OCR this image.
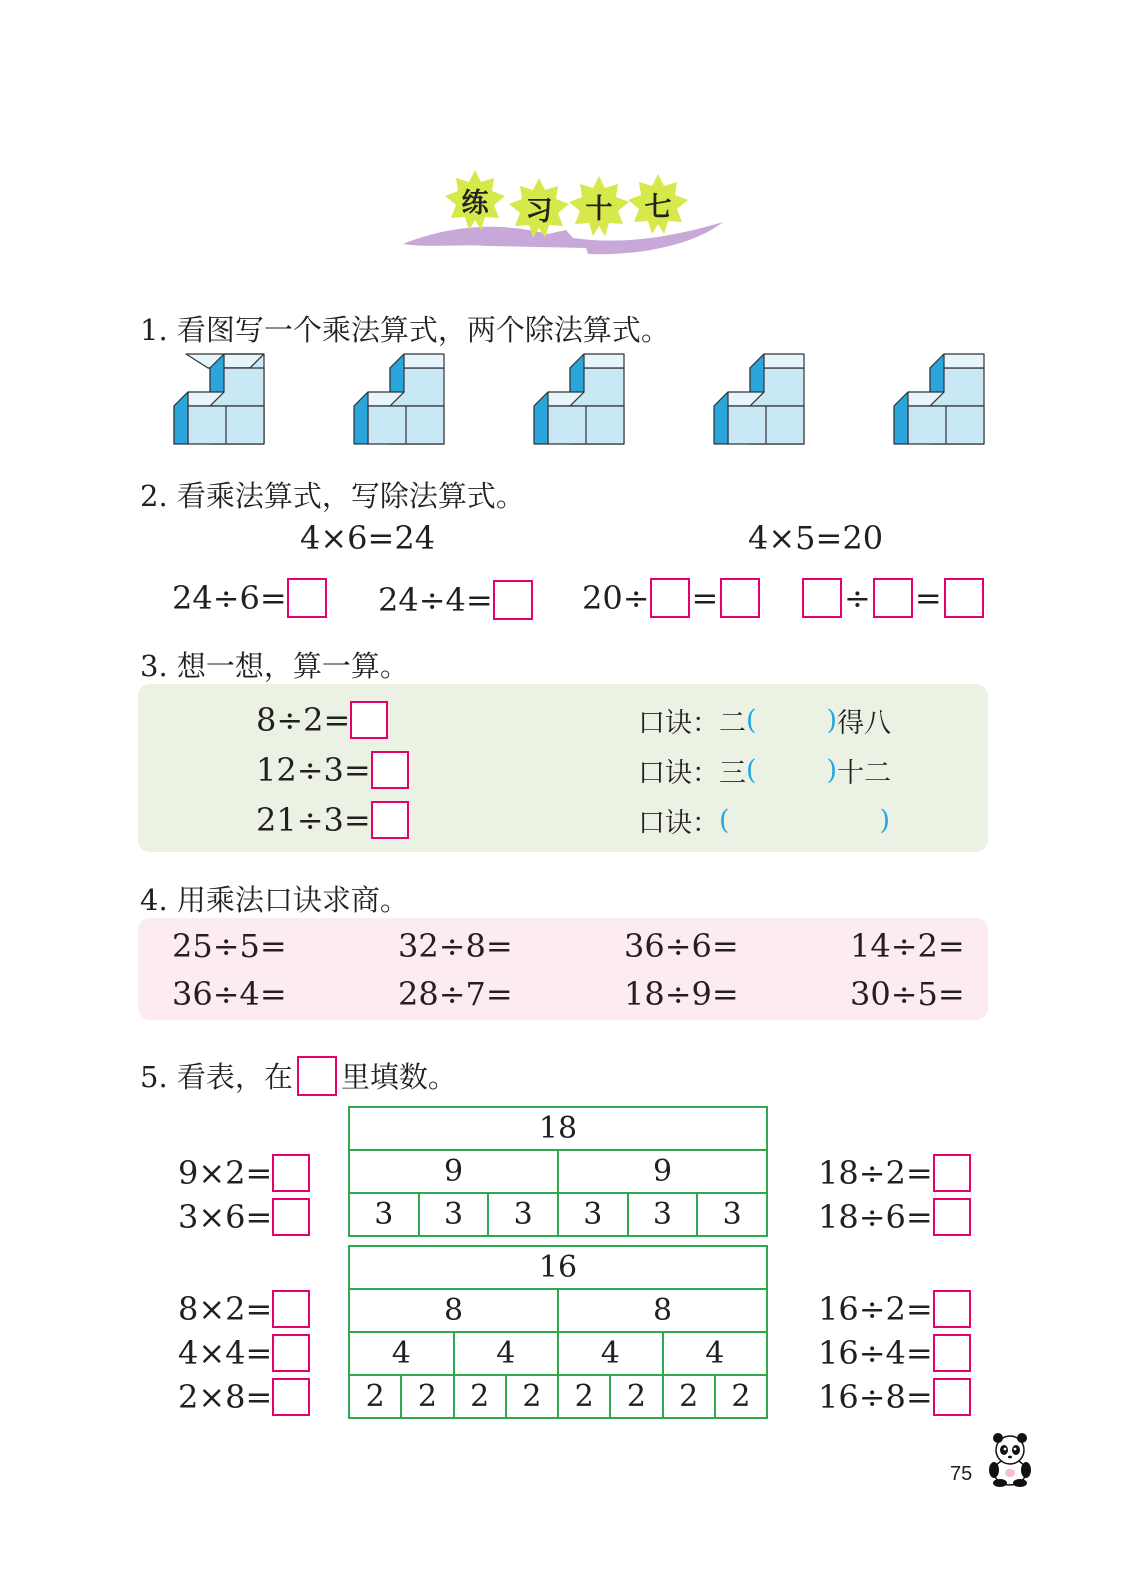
练	习	十	七
1. 看图写一个乘法算式，两个除法算式。
2. 看乘法算式，写除法算式。
4×6=24	4×5=20
24÷6=	24÷4=	20÷ =	÷ =
3. 想一想，算一算。
8÷2=
12÷3=
21÷3=
口诀：二 (	) 得八
口诀：三 (	) 十二
口诀： (	)
4. 用乘法口诀求商。
25÷5=	32÷8=	36÷6=	14÷2=
36÷4=	28÷7=	18÷9=	30÷5=
5. 看表，在 里填数。
18					
9			9		
3	3	3	3	3	3
16							
8				8			
4		4		4		4	
2	2	2	2	2	2	2	2
9×2=
3×6=
18÷2=
18÷6=
8×2=
4×4=
2×8=
16÷2=
16÷4=
16÷8=
75
